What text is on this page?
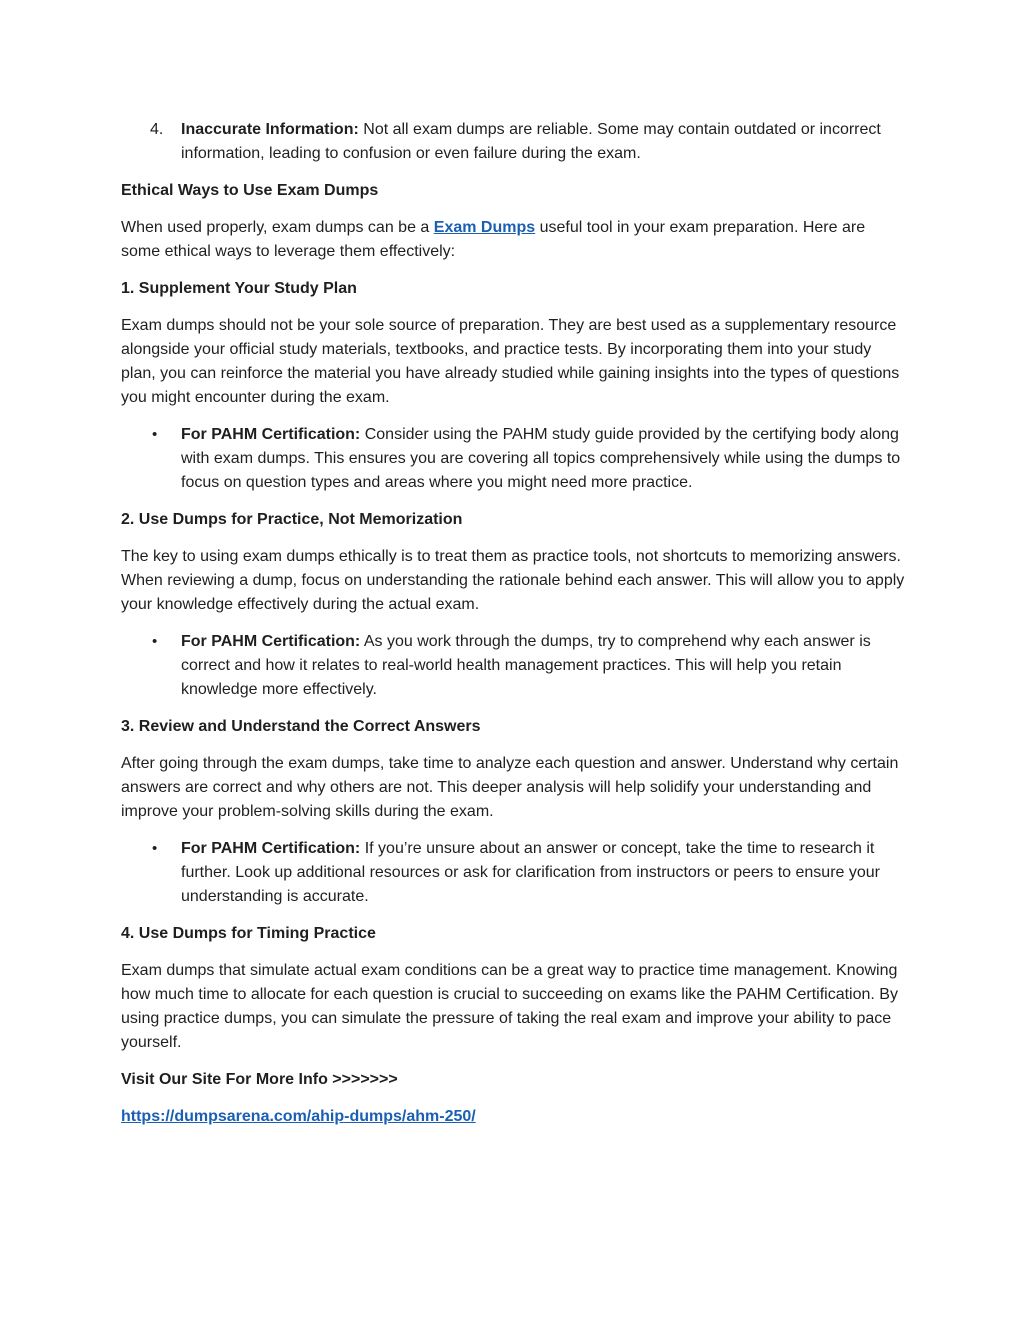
4. Inaccurate Information: Not all exam dumps are reliable. Some may contain outdated or incorrect information, leading to confusion or even failure during the exam.

Ethical Ways to Use Exam Dumps

When used properly, exam dumps can be a Exam Dumps useful tool in your exam preparation. Here are some ethical ways to leverage them effectively:

1. Supplement Your Study Plan

Exam dumps should not be your sole source of preparation. They are best used as a supplementary resource alongside your official study materials, textbooks, and practice tests. By incorporating them into your study plan, you can reinforce the material you have already studied while gaining insights into the types of questions you might encounter during the exam.

• For PAHM Certification: Consider using the PAHM study guide provided by the certifying body along with exam dumps. This ensures you are covering all topics comprehensively while using the dumps to focus on question types and areas where you might need more practice.

2. Use Dumps for Practice, Not Memorization

The key to using exam dumps ethically is to treat them as practice tools, not shortcuts to memorizing answers. When reviewing a dump, focus on understanding the rationale behind each answer. This will allow you to apply your knowledge effectively during the actual exam.

• For PAHM Certification: As you work through the dumps, try to comprehend why each answer is correct and how it relates to real-world health management practices. This will help you retain knowledge more effectively.

3. Review and Understand the Correct Answers

After going through the exam dumps, take time to analyze each question and answer. Understand why certain answers are correct and why others are not. This deeper analysis will help solidify your understanding and improve your problem-solving skills during the exam.

• For PAHM Certification: If you’re unsure about an answer or concept, take the time to research it further. Look up additional resources or ask for clarification from instructors or peers to ensure your understanding is accurate.

4. Use Dumps for Timing Practice

Exam dumps that simulate actual exam conditions can be a great way to practice time management. Knowing how much time to allocate for each question is crucial to succeeding on exams like the PAHM Certification. By using practice dumps, you can simulate the pressure of taking the real exam and improve your ability to pace yourself.

Visit Our Site For More Info >>>>>>>

https://dumpsarena.com/ahip-dumps/ahm-250/
